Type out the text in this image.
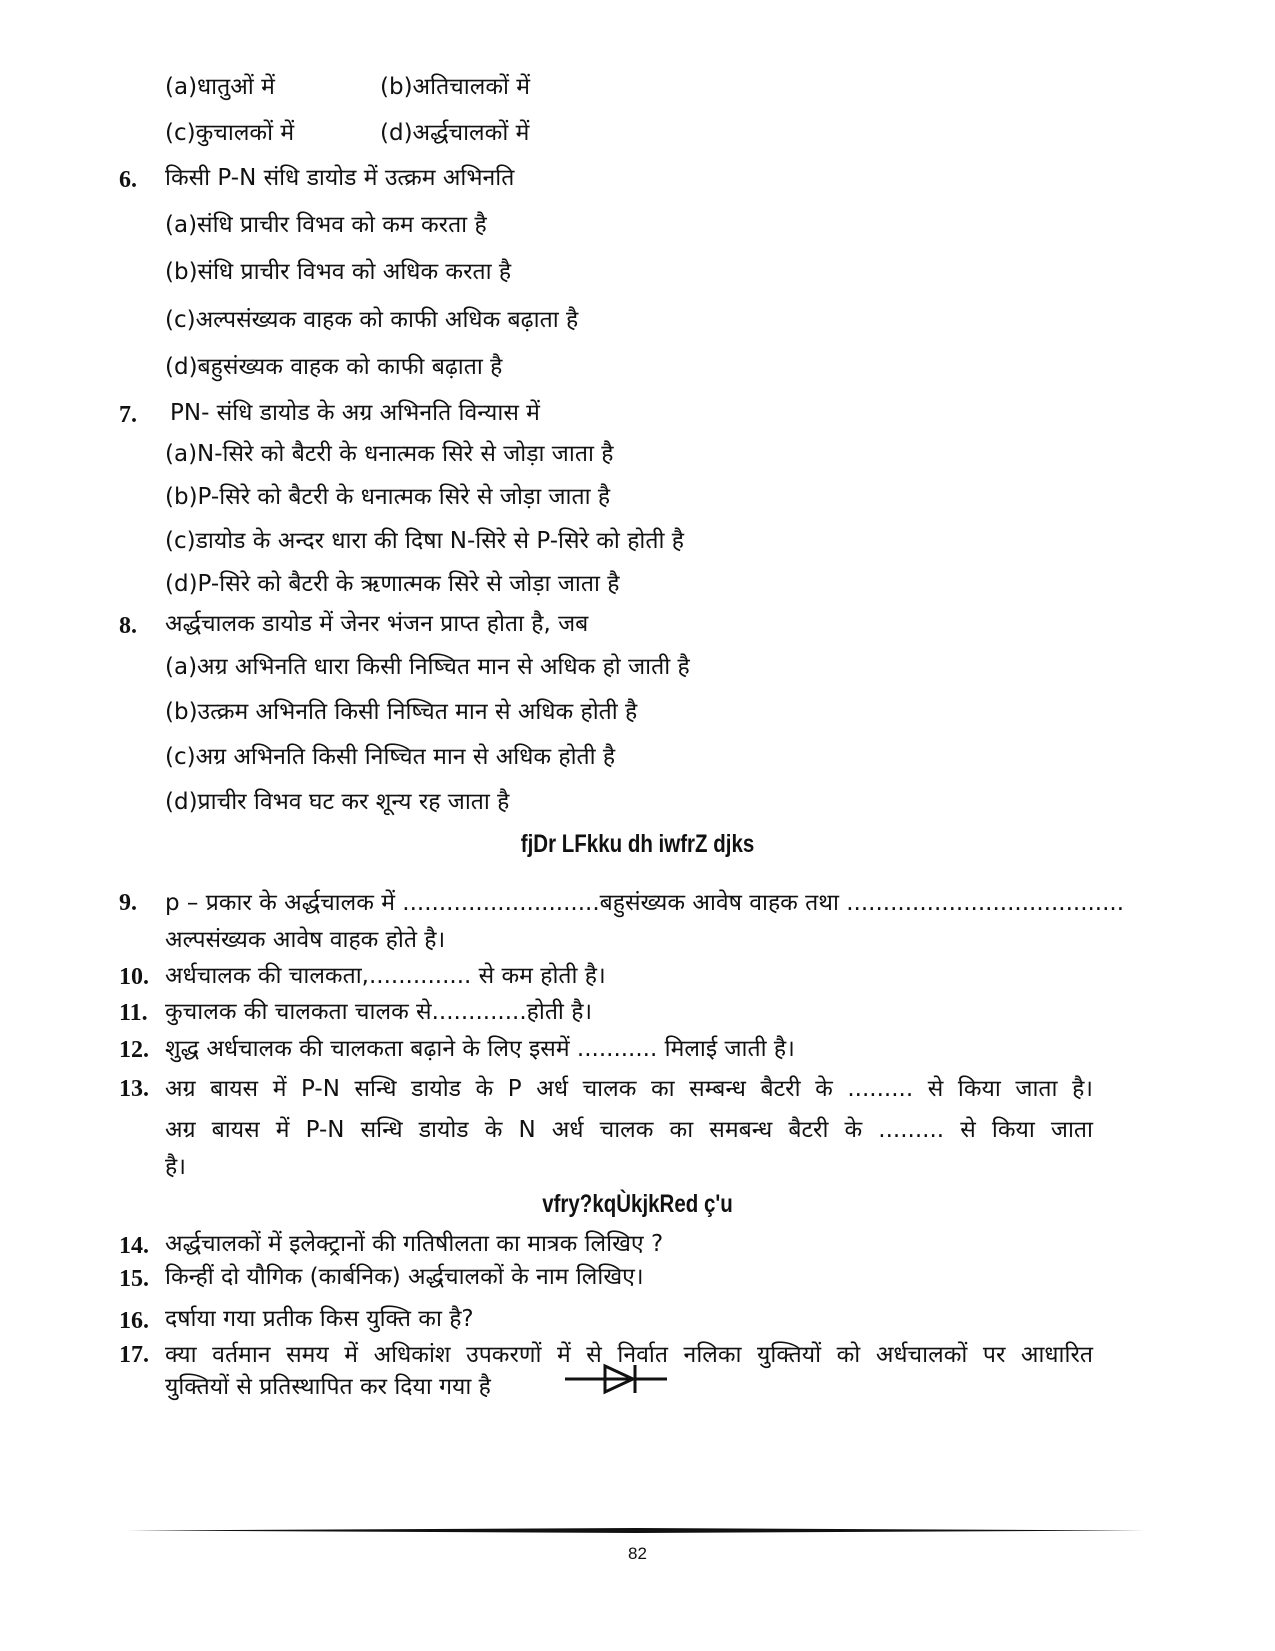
(a)धातुओं में	(b)अतिचालकों में
(c)कुचालकों में	(d)अर्द्धचालकों में
6. किसी P-N संधि डायोड में उत्क्रम अभिनति
(a)संधि प्राचीर विभव को कम करता है
(b)संधि प्राचीर विभव को अधिक करता है
(c)अल्पसंख्यक वाहक को काफी अधिक बढ़ाता है
(d)बहुसंख्यक वाहक को काफी बढ़ाता है
7. PN- संधि डायोड के अग्र अभिनति विन्यास में
(a)N-सिरे को बैटरी के धनात्मक सिरे से जोड़ा जाता है
(b)P-सिरे को बैटरी के धनात्मक सिरे से जोड़ा जाता है
(c)डायोड के अन्दर धारा की दिषा N-सिरे से P-सिरे को होती है
(d)P-सिरे को बैटरी के ऋणात्मक सिरे से जोड़ा जाता है
8. अर्द्धचालक डायोड में जेनर भंजन प्राप्त होता है, जब
(a)अग्र अभिनति धारा किसी निष्चित मान से अधिक हो जाती है
(b)उत्क्रम अभिनति किसी निष्चित मान से अधिक होती है
(c)अग्र अभिनति किसी निष्चित मान से अधिक होती है
(d)प्राचीर विभव घट कर शून्य रह जाता है
fjDr LFkku dh iwfrZ djks
9. p – प्रकार के अर्द्धचालक में ...........................बहुसंख्यक आवेष वाहक तथा ......................................
अल्पसंख्यक आवेष वाहक होते है।
10. अर्धचालक की चालकता,.............. से कम होती है।
11. कुचालक की चालकता चालक से.............होती है।
12. शुद्ध अर्धचालक की चालकता बढ़ाने के लिए इसमें ........... मिलाई जाती है।
13. अग्र बायस में P-N सन्धि डायोड के P अर्ध चालक का सम्बन्ध बैटरी के ......... से किया जाता है।
अग्र बायस में P-N सन्धि डायोड के N अर्ध चालक का समबन्ध बैटरी के ......... से किया जाता
है।
vfry?kqÙkjkRed ç'u
14. अर्द्धचालकों में इलेक्ट्रानों की गतिषीलता का मात्रक लिखिए ?
15. किन्हीं दो यौगिक (कार्बनिक) अर्द्धचालकों के नाम लिखिए।
16. दर्षाया गया प्रतीक किस युक्ति का है?
17. क्या वर्तमान समय में अधिकांश उपकरणों में से निर्वात नलिका युक्तियों को अर्धचालकों पर आधारित
युक्तियों से प्रतिस्थापित कर दिया गया है
82
